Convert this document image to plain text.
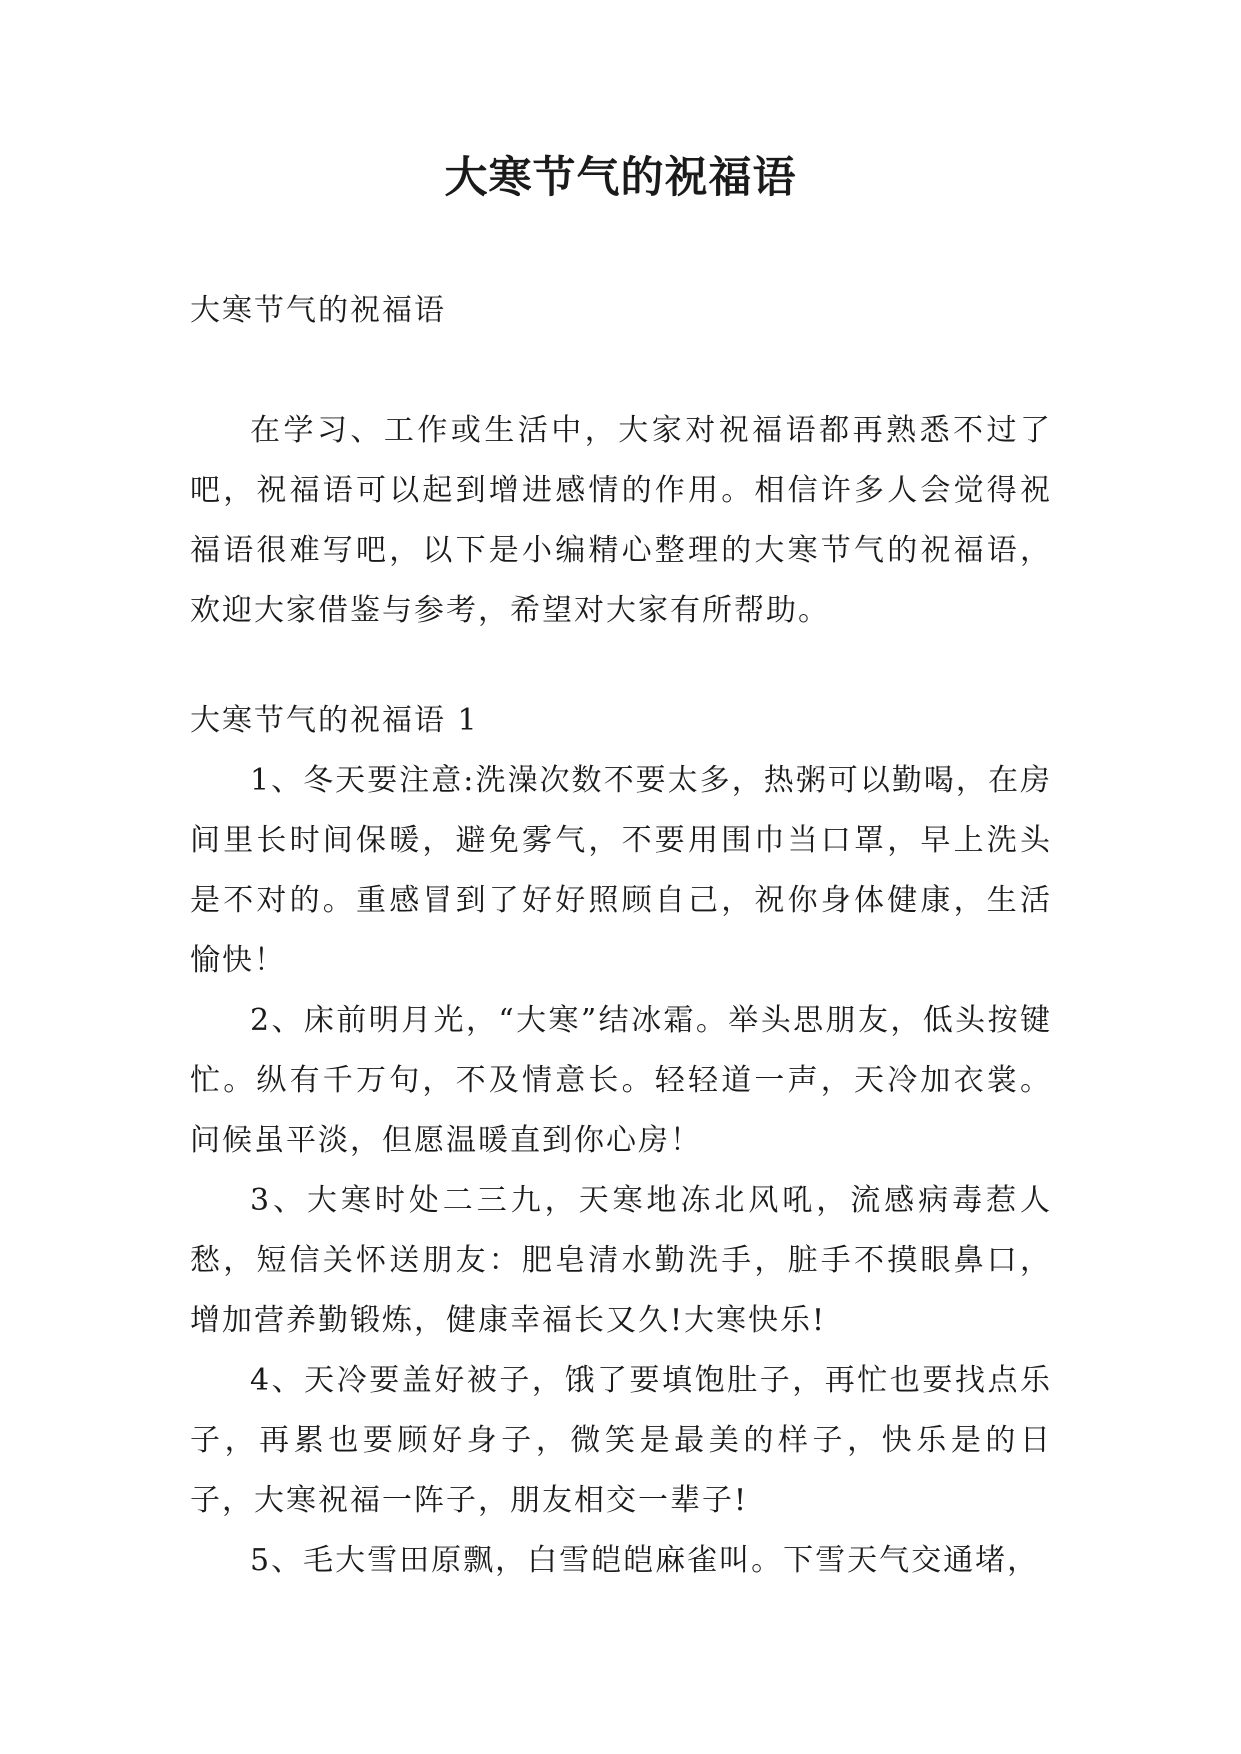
大寒节气的祝福语

大寒节气的祝福语

在学习、工作或生活中，大家对祝福语都再熟悉不过了吧，祝福语可以起到增进感情的作用。相信许多人会觉得祝福语很难写吧，以下是小编精心整理的大寒节气的祝福语，欢迎大家借鉴与参考，希望对大家有所帮助。

大寒节气的祝福语 1

1、冬天要注意:洗澡次数不要太多，热粥可以勤喝，在房间里长时间保暖，避免雾气，不要用围巾当口罩，早上洗头是不对的。重感冒到了好好照顾自己，祝你身体健康，生活愉快！

2、床前明月光，“大寒”结冰霜。举头思朋友，低头按键忙。纵有千万句，不及情意长。轻轻道一声，天冷加衣裳。问候虽平淡，但愿温暖直到你心房！

3、大寒时处二三九，天寒地冻北风吼，流感病毒惹人愁，短信关怀送朋友：肥皂清水勤洗手，脏手不摸眼鼻口，增加营养勤锻炼，健康幸福长又久!大寒快乐!

4、天冷要盖好被子，饿了要填饱肚子，再忙也要找点乐子，再累也要顾好身子，微笑是最美的样子，快乐是的日子，大寒祝福一阵子，朋友相交一辈子!

5、毛大雪田原飘，白雪皑皑麻雀叫。下雪天气交通堵，
